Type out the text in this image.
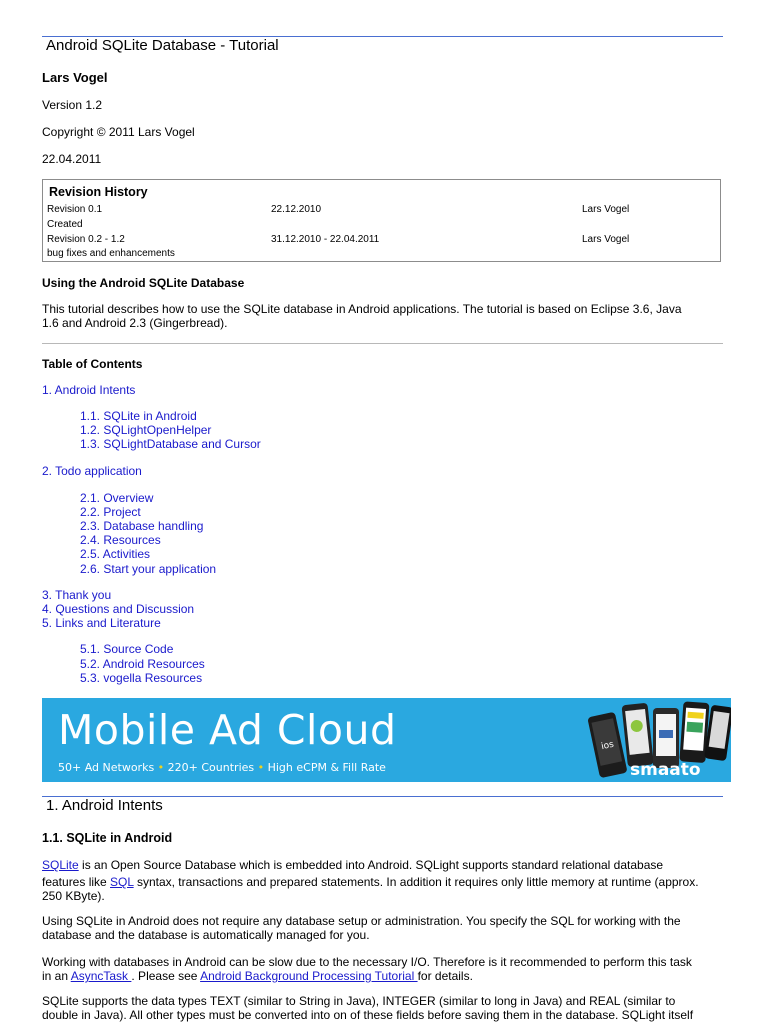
Android SQLite Database - Tutorial
Lars Vogel
Version 1.2
Copyright © 2011 Lars Vogel
22.04.2011
Revision History
Revision 0.1	22.12.2010	Lars Vogel
Created
Revision 0.2 - 1.2	31.12.2010 - 22.04.2011	Lars Vogel
bug fixes and enhancements
Using the Android SQLite Database
This tutorial describes how to use the SQLite database in Android applications. The tutorial is based on Eclipse 3.6, Java
1.6 and Android 2.3 (Gingerbread).
Table of Contents
1. Android Intents
1.1. SQLite in Android
1.2. SQLightOpenHelper
1.3. SQLightDatabase and Cursor
2. Todo application
2.1. Overview
2.2. Project
2.3. Database handling
2.4. Resources
2.5. Activities
2.6. Start your application
3. Thank you
4. Questions and Discussion
5. Links and Literature
5.1. Source Code
5.2. Android Resources
5.3. vogella Resources
Mobile Ad Cloud
50+ Ad Networks • 220+ Countries • High eCPM & Fill Rate
ios
smaato
1. Android Intents
1.1. SQLite in Android
SQLite is an Open Source Database which is embedded into Android. SQLight supports standard relational database
features like SQL syntax, transactions and prepared statements. In addition it requires only little memory at runtime (approx.
250 KByte).
Using SQLite in Android does not require any database setup or administration. You specify the SQL for working with the
database and the database is automatically managed for you.
Working with databases in Android can be slow due to the necessary I/O. Therefore is it recommended to perform this task
in an AsyncTask . Please see Android Background Processing Tutorial for details.
SQLite supports the data types TEXT (similar to String in Java), INTEGER (similar to long in Java) and REAL (similar to
double in Java). All other types must be converted into on of these fields before saving them in the database. SQLight itself
